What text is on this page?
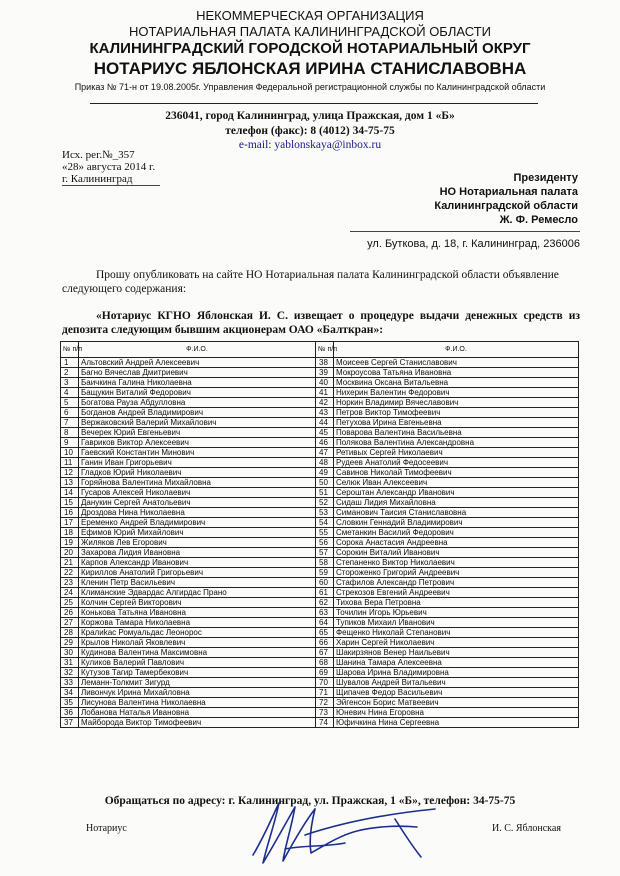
НЕКОММЕРЧЕСКАЯ ОРГАНИЗАЦИЯ
НОТАРИАЛЬНАЯ ПАЛАТА КАЛИНИНГРАДСКОЙ ОБЛАСТИ
КАЛИНИНГРАДСКИЙ ГОРОДСКОЙ НОТАРИАЛЬНЫЙ ОКРУГ
НОТАРИУС ЯБЛОНСКАЯ ИРИНА СТАНИСЛАВОВНА
Приказ № 71-н от 19.08.2005г. Управления Федеральной регистрационной службы по Калининградской области
236041, город Калининград, улица Пражская, дом 1 «Б»
телефон (факс): 8 (4012) 34-75-75
e-mail: yablonskaya@inbox.ru
Исх. рег.№_357
«28» августа 2014 г.
г. Калининград	Президенту
НО Нотариальная палата
Калининградской области
Ж. Ф. Ремесло
ул. Буткова, д. 18, г. Калининград, 236006
Прошу опубликовать на сайте НО Нотариальная палата Калининградской области объявление следующего содержания:
«Нотариус КГНО Яблонская И. С. извещает о процедуре выдачи денежных средств из депозита следующим бывшим акционерам ОАО «Балткран»:
№ п/п	Ф.И.О.	№ п/п	Ф.И.О.
1	Альтовский Андрей Алексеевич	38	Моисеев Сергей Станиславович
2	Багно Вячеслав Дмитриевич	39	Мокроусова Татьяна Ивановна
3	Баичкина Галина Николаевна	40	Москвина Оксана Витальевна
4	Бащукин Виталий Федорович	41	Нихерин Валентин Федорович
5	Богатова Рауза Абдулловна	42	Норкин Владимир Вячеславович
6	Богданов Андрей Владимирович	43	Петров Виктор Тимофеевич
7	Вержаковский Валерий Михайлович	44	Петухова Ирина Евгеньевна
8	Вечерек Юрий Евгеньевич	45	Поварова Валентина Васильевна
9	Гавриков Виктор Алексеевич	46	Полякова Валентина Александровна
10	Гаевский Константин Минович	47	Ретивых Сергей Николаевич
11	Ганин Иван Григорьевич	48	Рудеев Анатолий Федосеевич
12	Гладков Юрий Николаевич	49	Савинов Николай Тимофеевич
13	Горяйнова Валентина Михайловна	50	Селюк Иван Алексеевич
14	Гусаров Алексей Николаевич	51	Сероштан Александр Иванович
15	Данукин Сергей Анатольевич	52	Сидаш Лидия Михайловна
16	Дроздова Нина Николаевна	53	Симанович Таисия Станиславовна
17	Еременко Андрей Владимирович	54	Словкин Геннадий Владимирович
18	Ефимов Юрий Михайлович	55	Сметанкин Василий Федорович
19	Жиляков Лев Егорович	56	Сорока Анастасия Андреевна
20	Захарова Лидия Ивановна	57	Сорокин Виталий Иванович
21	Карпов Александр Иванович	58	Степаненко Виктор Николаевич
22	Кириллов Анатолий Григорьевич	59	Стороженко Григорий Андреевич
23	Кленин Петр Васильевич	60	Стафилов Александр Петрович
24	Климанские Эдвардас Алгирдас Прано	61	Стрекозов Евгений Андреевич
25	Колчин Сергей Викторович	62	Тихова Вера Петровна
26	Конькова Татьяна Ивановна	63	Точилин Игорь Юрьевич
27	Коржова Тамара Николаевна	64	Тупиков Михаил Иванович
28	Кралиkас Ромуальдас Леонорос	65	Фещенко Николай Степанович
29	Крылов Николай Яковлевич	66	Харин Сергей Николаевич
30	Кудинова Валентина Максимовна	67	Шакирзянов Венер Наильевич
31	Куликов Валерий Павлович	68	Шанина Тамара Алексеевна
32	Кутузов Тагир Тамербекович	69	Шарова Ирина Владимировна
33	Леманн-Толкмит Зигурд	70	Шувалов Андрей Витальевич
34	Ливончук Ирина Михайловна	71	Щипачев Федор Васильевич
35	Лисунова Валентина Николаевна	72	Эйгенсон Борис Матвеевич
36	Лобанова Наталья Ивановна	73	Юневич Нина Егоровна
37	Майборода Виктор Тимофеевич	74	Юфичкина Нина Сергеевна
Обращаться по адресу: г. Калининград, ул. Пражская, 1 «Б», телефон: 34-75-75
Нотариус	И. С. Яблонская
